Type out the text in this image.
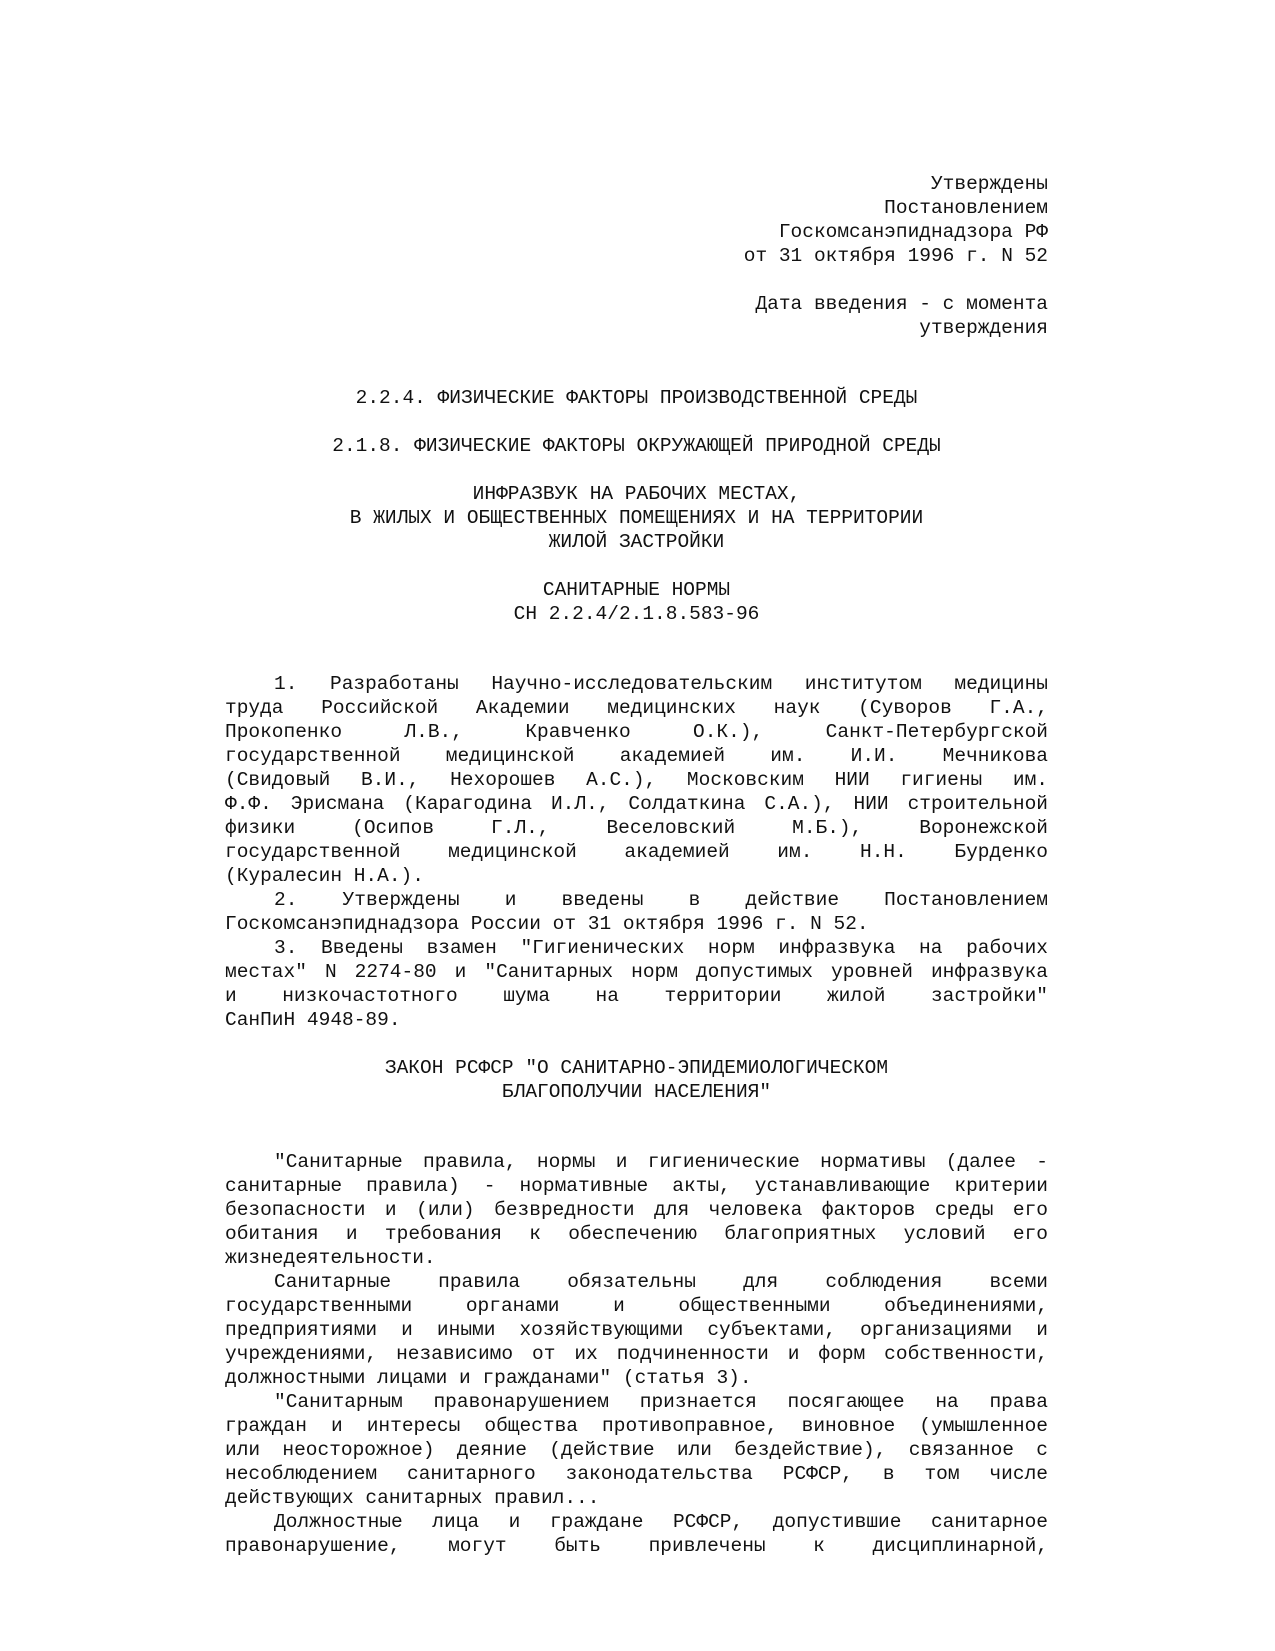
Утверждены
Постановлением
Госкомсанэпиднадзора РФ
от 31 октября 1996 г. N 52
Дата введения - с момента
утверждения
2.2.4. ФИЗИЧЕСКИЕ ФАКТОРЫ ПРОИЗВОДСТВЕННОЙ СРЕДЫ
2.1.8. ФИЗИЧЕСКИЕ ФАКТОРЫ ОКРУЖАЮЩЕЙ ПРИРОДНОЙ СРЕДЫ
ИНФРАЗВУК НА РАБОЧИХ МЕСТАХ,
В ЖИЛЫХ И ОБЩЕСТВЕННЫХ ПОМЕЩЕНИЯХ И НА ТЕРРИТОРИИ
ЖИЛОЙ ЗАСТРОЙКИ
САНИТАРНЫЕ НОРМЫ
СН 2.2.4/2.1.8.583-96
1. Разработаны Научно-исследовательским институтом медицины
труда Российской Академии медицинских наук (Суворов Г.А.,
Прокопенко Л.В., Кравченко О.К.), Санкт-Петербургской
государственной медицинской академией им. И.И. Мечникова
(Свидовый В.И., Нехорошев А.С.), Московским НИИ гигиены им.
Ф.Ф. Эрисмана (Карагодина И.Л., Солдаткина С.А.), НИИ строительной
физики (Осипов Г.Л., Веселовский М.Б.), Воронежской
государственной медицинской академией им. Н.Н. Бурденко
(Куралесин Н.А.).
2. Утверждены и введены в действие Постановлением
Госкомсанэпиднадзора России от 31 октября 1996 г. N 52.
3. Введены взамен "Гигиенических норм инфразвука на рабочих
местах" N 2274-80 и "Санитарных норм допустимых уровней инфразвука
и низкочастотного шума на территории жилой застройки"
СанПиН 4948-89.
ЗАКОН РСФСР "О САНИТАРНО-ЭПИДЕМИОЛОГИЧЕСКОМ
БЛАГОПОЛУЧИИ НАСЕЛЕНИЯ"
"Санитарные правила, нормы и гигиенические нормативы (далее -
санитарные правила) - нормативные акты, устанавливающие критерии
безопасности и (или) безвредности для человека факторов среды его
обитания и требования к обеспечению благоприятных условий его
жизнедеятельности.
Санитарные правила обязательны для соблюдения всеми
государственными органами и общественными объединениями,
предприятиями и иными хозяйствующими субъектами, организациями и
учреждениями, независимо от их подчиненности и форм собственности,
должностными лицами и гражданами" (статья 3).
"Санитарным правонарушением признается посягающее на права
граждан и интересы общества противоправное, виновное (умышленное
или неосторожное) деяние (действие или бездействие), связанное с
несоблюдением санитарного законодательства РСФСР, в том числе
действующих санитарных правил...
Должностные лица и граждане РСФСР, допустившие санитарное
правонарушение, могут быть привлечены к дисциплинарной,
